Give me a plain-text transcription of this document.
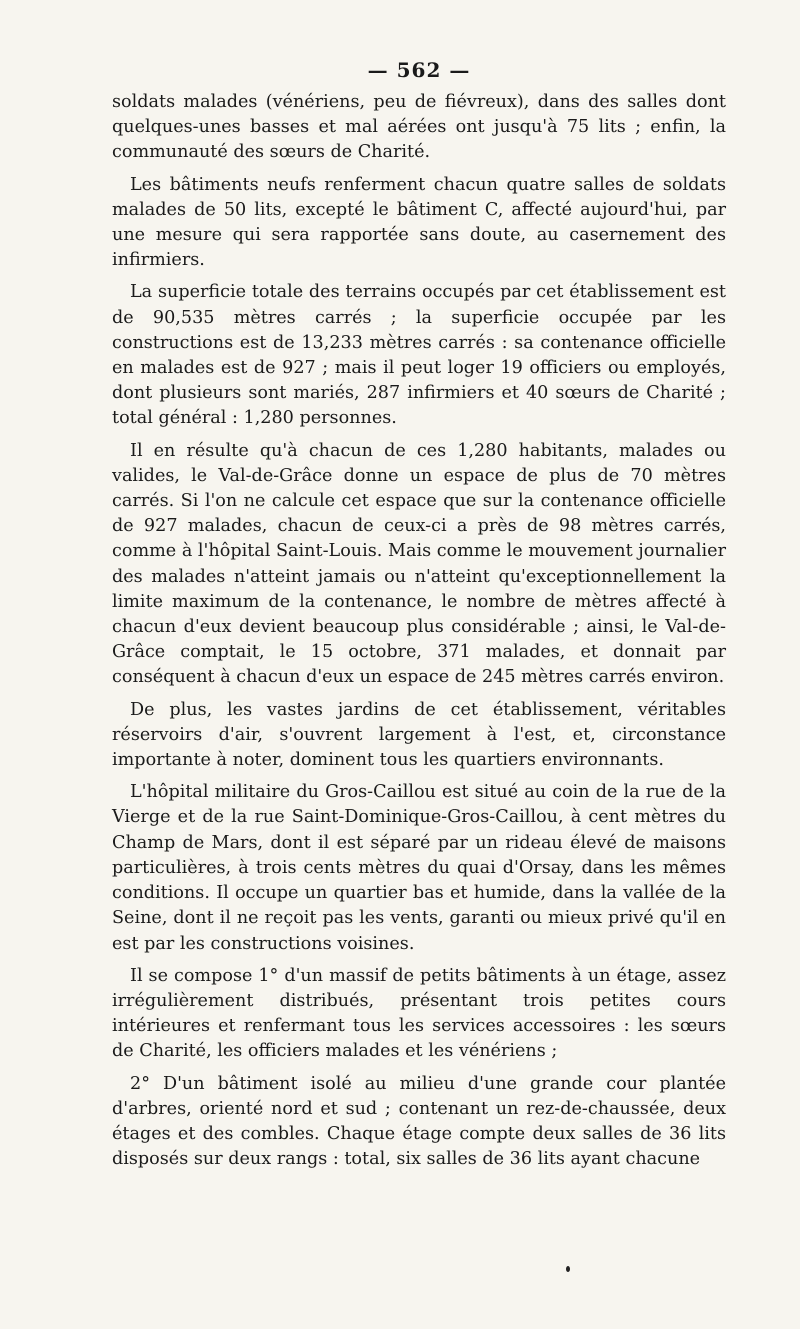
— 562 —

soldats malades (vénériens, peu de fiévreux), dans des salles dont quelques-unes basses et mal aérées ont jusqu'à 75 lits ; enfin, la communauté des sœurs de Charité.

Les bâtiments neufs renferment chacun quatre salles de soldats malades de 50 lits, excepté le bâtiment C, affecté aujourd'hui, par une mesure qui sera rapportée sans doute, au casernement des infirmiers.

La superficie totale des terrains occupés par cet établissement est de 90,535 mètres carrés ; la superficie occupée par les constructions est de 13,233 mètres carrés : sa contenance officielle en malades est de 927 ; mais il peut loger 19 officiers ou employés, dont plusieurs sont mariés, 287 infirmiers et 40 sœurs de Charité ; total général : 1,280 personnes.

Il en résulte qu'à chacun de ces 1,280 habitants, malades ou valides, le Val-de-Grâce donne un espace de plus de 70 mètres carrés. Si l'on ne calcule cet espace que sur la contenance officielle de 927 malades, chacun de ceux-ci a près de 98 mètres carrés, comme à l'hôpital Saint-Louis. Mais comme le mouvement journalier des malades n'atteint jamais ou n'atteint qu'exceptionnellement la limite maximum de la contenance, le nombre de mètres affecté à chacun d'eux devient beaucoup plus considérable ; ainsi, le Val-de-Grâce comptait, le 15 octobre, 371 malades, et donnait par conséquent à chacun d'eux un espace de 245 mètres carrés environ.

De plus, les vastes jardins de cet établissement, véritables réservoirs d'air, s'ouvrent largement à l'est, et, circonstance importante à noter, dominent tous les quartiers environnants.

L'hôpital militaire du Gros-Caillou est situé au coin de la rue de la Vierge et de la rue Saint-Dominique-Gros-Caillou, à cent mètres du Champ de Mars, dont il est séparé par un rideau élevé de maisons particulières, à trois cents mètres du quai d'Orsay, dans les mêmes conditions. Il occupe un quartier bas et humide, dans la vallée de la Seine, dont il ne reçoit pas les vents, garanti ou mieux privé qu'il en est par les constructions voisines.

Il se compose 1° d'un massif de petits bâtiments à un étage, assez irrégulièrement distribués, présentant trois petites cours intérieures et renfermant tous les services accessoires : les sœurs de Charité, les officiers malades et les vénériens ;

2° D'un bâtiment isolé au milieu d'une grande cour plantée d'arbres, orienté nord et sud ; contenant un rez-de-chaussée, deux étages et des combles. Chaque étage compte deux salles de 36 lits disposés sur deux rangs : total, six salles de 36 lits ayant chacune
